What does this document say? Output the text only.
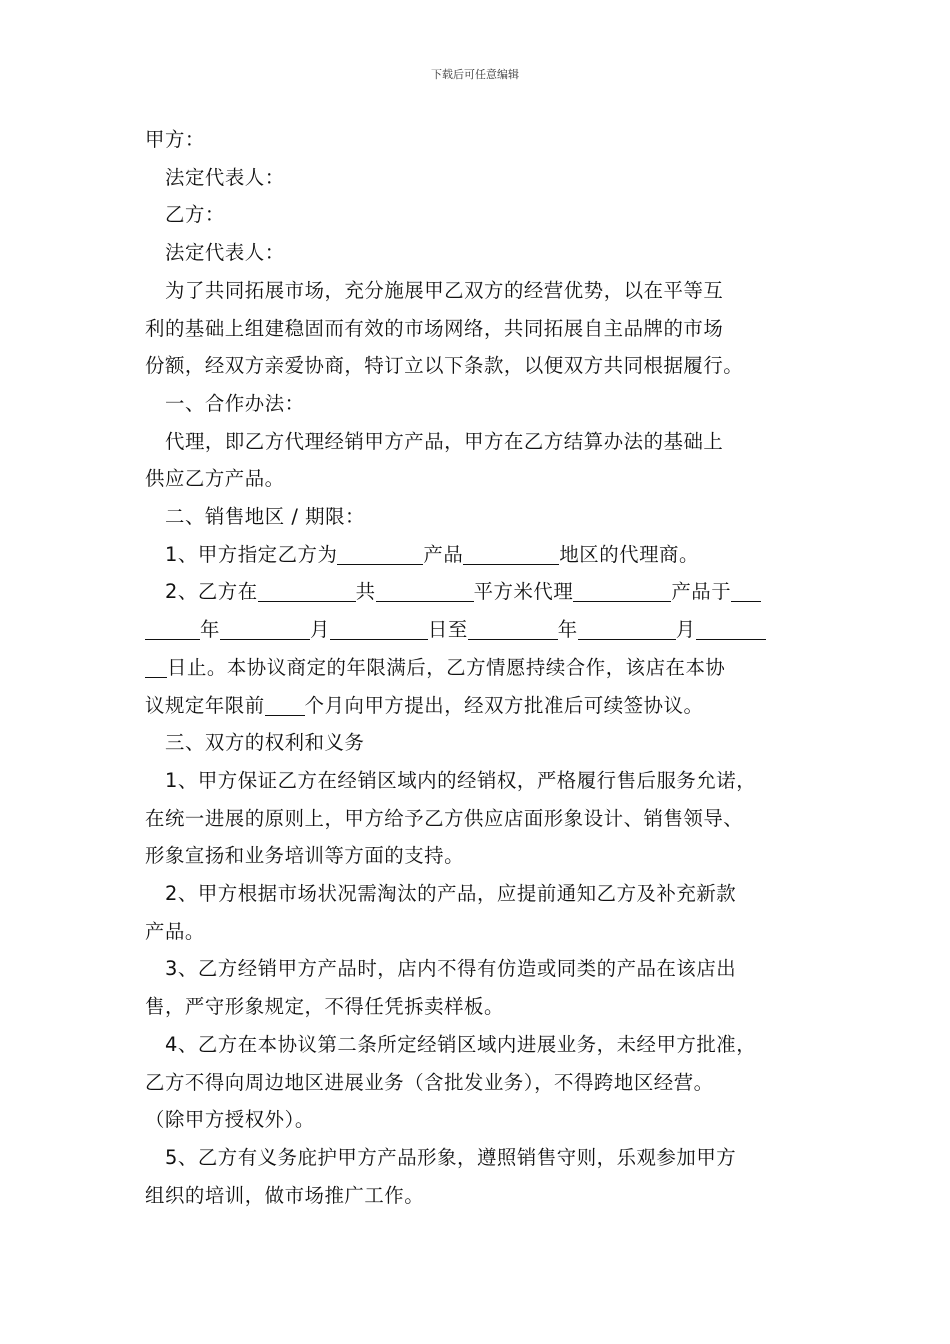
下载后可任意编辑

甲方：

法定代表人：

乙方：

法定代表人：

为了共同拓展市场，充分施展甲乙双方的经营优势，以在平等互

利的基础上组建稳固而有效的市场网络，共同拓展自主品牌的市场

份额，经双方亲爱协商，特订立以下条款，以便双方共同根据履行。

一、合作办法：

代理，即乙方代理经销甲方产品，甲方在乙方结算办法的基础上

供应乙方产品。

二、销售地区 / 期限：

1、甲方指定乙方为	产品	地区的代理商。

2、乙方在	共	平方米代理	产品于

年	月	日至	年	月

日止。本协议商定的年限满后，乙方情愿持续合作，该店在本协

议规定年限前 个月向甲方提出，经双方批准后可续签协议。

三、双方的权利和义务

1、甲方保证乙方在经销区域内的经销权，严格履行售后服务允诺，

在统一进展的原则上，甲方给予乙方供应店面形象设计、销售领导、

形象宣扬和业务培训等方面的支持。

2、甲方根据市场状况需淘汰的产品，应提前通知乙方及补充新款

产品。

3、乙方经销甲方产品时，店内不得有仿造或同类的产品在该店出

售，严守形象规定，不得任凭拆卖样板。

4、乙方在本协议第二条所定经销区域内进展业务，未经甲方批准，

乙方不得向周边地区进展业务（含批发业务），不得跨地区经营。

（除甲方授权外）。

5、乙方有义务庇护甲方产品形象，遵照销售守则，乐观参加甲方

组织的培训，做市场推广工作。
